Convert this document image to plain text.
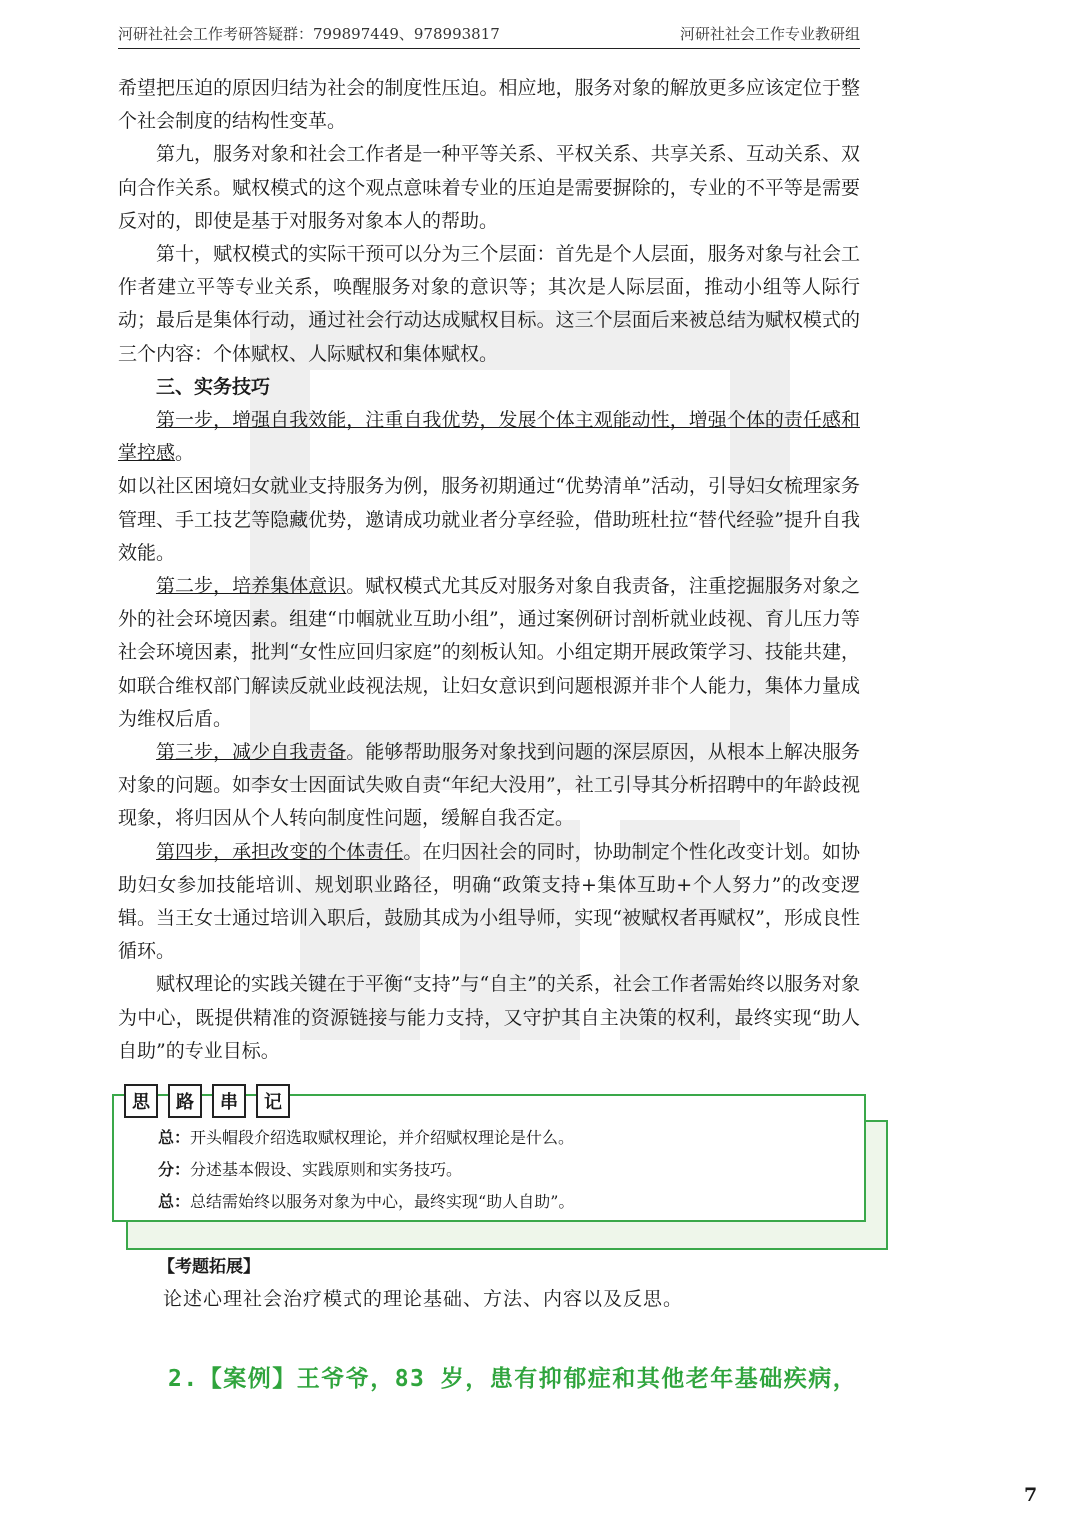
河研社社会工作考研答疑群：799897449、978993817	河研社社会工作专业教研组

希望把压迫的原因归结为社会的制度性压迫。相应地，服务对象的解放更多应该定位于整个社会制度的结构性变革。

第九，服务对象和社会工作者是一种平等关系、平权关系、共享关系、互动关系、双向合作关系。赋权模式的这个观点意味着专业的压迫是需要摒除的，专业的不平等是需要反对的，即使是基于对服务对象本人的帮助。

第十，赋权模式的实际干预可以分为三个层面：首先是个人层面，服务对象与社会工作者建立平等专业关系，唤醒服务对象的意识等；其次是人际层面，推动小组等人际行动；最后是集体行动，通过社会行动达成赋权目标。这三个层面后来被总结为赋权模式的三个内容：个体赋权、人际赋权和集体赋权。

三、实务技巧

第一步，增强自我效能，注重自我优势，发展个体主观能动性，增强个体的责任感和掌控感。

如以社区困境妇女就业支持服务为例，服务初期通过“优势清单”活动，引导妇女梳理家务管理、手工技艺等隐藏优势，邀请成功就业者分享经验，借助班杜拉“替代经验”提升自我效能。

第二步，培养集体意识。赋权模式尤其反对服务对象自我责备，注重挖掘服务对象之外的社会环境因素。组建“巾帼就业互助小组”，通过案例研讨剖析就业歧视、育儿压力等社会环境因素，批判“女性应回归家庭”的刻板认知。小组定期开展政策学习、技能共建，如联合维权部门解读反就业歧视法规，让妇女意识到问题根源并非个人能力，集体力量成为维权后盾。

第三步，减少自我责备。能够帮助服务对象找到问题的深层原因，从根本上解决服务对象的问题。如李女士因面试失败自责“年纪大没用”，社工引导其分析招聘中的年龄歧视现象，将归因从个人转向制度性问题，缓解自我否定。

第四步，承担改变的个体责任。在归因社会的同时，协助制定个性化改变计划。如协助妇女参加技能培训、规划职业路径，明确“政策支持+集体互助+个人努力”的改变逻辑。当王女士通过培训入职后，鼓励其成为小组导师，实现“被赋权者再赋权”，形成良性循环。

赋权理论的实践关键在于平衡“支持”与“自主”的关系，社会工作者需始终以服务对象为中心，既提供精准的资源链接与能力支持，又守护其自主决策的权利，最终实现“助人自助”的专业目标。

思	路	串	记
总：开头帽段介绍选取赋权理论，并介绍赋权理论是什么。
分：分述基本假设、实践原则和实务技巧。
总：总结需始终以服务对象为中心，最终实现“助人自助”。
【考题拓展】
论述心理社会治疗模式的理论基础、方法、内容以及反思。
2.【案例】王爷爷，83 岁，患有抑郁症和其他老年基础疾病，
7
